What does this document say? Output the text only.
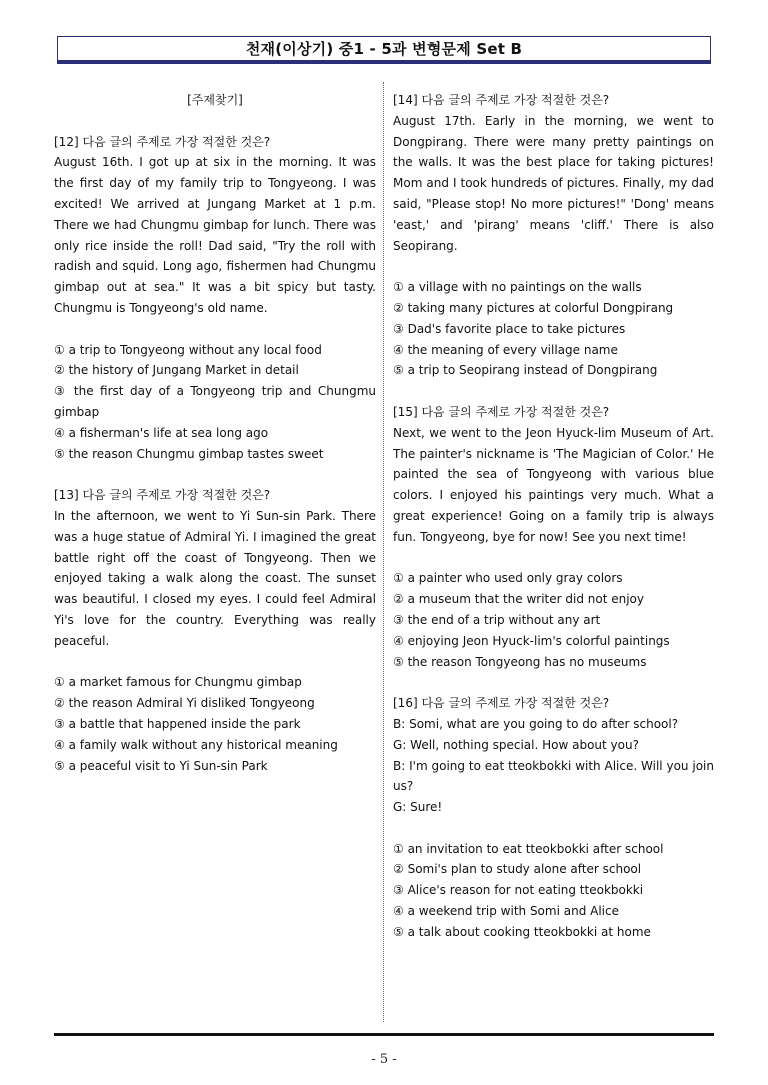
천재(이상기) 중1 - 5과 변형문제 Set B

[주제찾기]

[12] 다음 글의 주제로 가장 적절한 것은?

August 16th. I got up at six in the morning. It was the first day of my family trip to Tongyeong. I was excited! We arrived at Jungang Market at 1 p.m. There we had Chungmu gimbap for lunch. There was only rice inside the roll! Dad said, "Try the roll with radish and squid. Long ago, fishermen had Chungmu gimbap out at sea." It was a bit spicy but tasty. Chungmu is Tongyeong's old name.

① a trip to Tongyeong without any local food

② the history of Jungang Market in detail

③ the first day of a Tongyeong trip and Chungmu gimbap

④ a fisherman's life at sea long ago

⑤ the reason Chungmu gimbap tastes sweet

[13] 다음 글의 주제로 가장 적절한 것은?

In the afternoon, we went to Yi Sun-sin Park. There was a huge statue of Admiral Yi. I imagined the great battle right off the coast of Tongyeong. Then we enjoyed taking a walk along the coast. The sunset was beautiful. I closed my eyes. I could feel Admiral Yi's love for the country. Everything was really peaceful.

① a market famous for Chungmu gimbap

② the reason Admiral Yi disliked Tongyeong

③ a battle that happened inside the park

④ a family walk without any historical meaning

⑤ a peaceful visit to Yi Sun-sin Park

[14] 다음 글의 주제로 가장 적절한 것은?

August 17th. Early in the morning, we went to Dongpirang. There were many pretty paintings on the walls. It was the best place for taking pictures! Mom and I took hundreds of pictures. Finally, my dad said, "Please stop! No more pictures!" 'Dong' means 'east,' and 'pirang' means 'cliff.' There is also Seopirang.

① a village with no paintings on the walls

② taking many pictures at colorful Dongpirang

③ Dad's favorite place to take pictures

④ the meaning of every village name

⑤ a trip to Seopirang instead of Dongpirang

[15] 다음 글의 주제로 가장 적절한 것은?

Next, we went to the Jeon Hyuck-lim Museum of Art. The painter's nickname is 'The Magician of Color.' He painted the sea of Tongyeong with various blue colors. I enjoyed his paintings very much. What a great experience! Going on a family trip is always fun. Tongyeong, bye for now! See you next time!

① a painter who used only gray colors

② a museum that the writer did not enjoy

③ the end of a trip without any art

④ enjoying Jeon Hyuck-lim's colorful paintings

⑤ the reason Tongyeong has no museums

[16] 다음 글의 주제로 가장 적절한 것은?

B: Somi, what are you going to do after school?

G: Well, nothing special. How about you?

B: I'm going to eat tteokbokki with Alice. Will you join us?

G: Sure!

① an invitation to eat tteokbokki after school

② Somi's plan to study alone after school

③ Alice's reason for not eating tteokbokki

④ a weekend trip with Somi and Alice

⑤ a talk about cooking tteokbokki at home

- 5 -
